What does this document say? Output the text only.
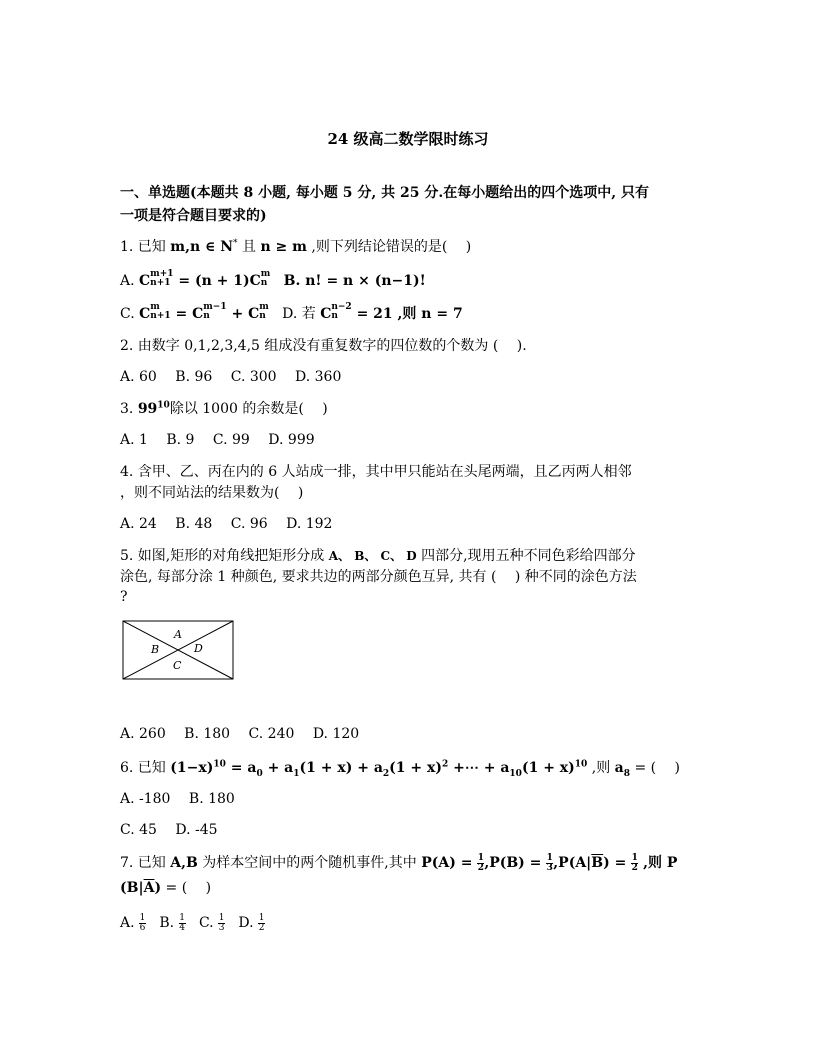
24 级高二数学限时练习
一、单选题(本题共 8 小题, 每小题 5 分, 共 25 分.在每小题给出的四个选项中, 只有
一项是符合题目要求的)
1. 已知 m,n ∈ N* 且 n ≥ m ,则下列结论错误的是(　 )
A. C m+1
n+1 = (n + 1)C m
n B. n! = n × (n−1)!
C. C m
n+1 = C m−1
n	+ C m
n D. 若 C n−2
n = 21 ,则 n = 7
2. 由数字 0,1,2,3,4,5 组成没有重复数字的四位数的个数为 (　 ).
A. 60　 B. 96　 C. 300　 D. 360
3. $99^{10}$除以 1000 的余数是(　 )
A. 1　 B. 9　 C. 99　 D. 999
4. 含甲、乙、丙在内的 6 人站成一排，其中甲只能站在头尾两端，且乙丙两人相邻
，则不同站法的结果数为(　 )
A. 24　 B. 48　 C. 96　 D. 192
5. 如图,矩形的对角线把矩形分成 A、 B、 C、 D 四部分,现用五种不同色彩给四部分
涂色, 每部分涂 1 种颜色, 要求共边的两部分颜色互异, 共有 (　 ) 种不同的涂色方法
?
A
B
C
D
A. 260　 B. 180　 C. 240　 D. 120
6. 已知 $(1-x)^{10} = a_0 + a_1(1 + x) + a_2(1 + x)^2$ +⋯ + $a_{10}(1 + x)^{10}$ ,则 $a_8$ = (　 )
A. -180　 B. 180
C. 45　 D. -45
7. 已知 A,B 为样本空间中的两个随机事件,其中 $P(A) = \frac{1}{2} ,P(B) = \frac{1}{3} ,P(A|\overline{B}) = \frac{1}{2}$ ,则 P
$(B|\overline{A})$ = (　 )
A. $\frac{1}{6} B$. $\frac{1}{4} C$. $\frac{1}{3} D$. $\frac{1}{2}$
